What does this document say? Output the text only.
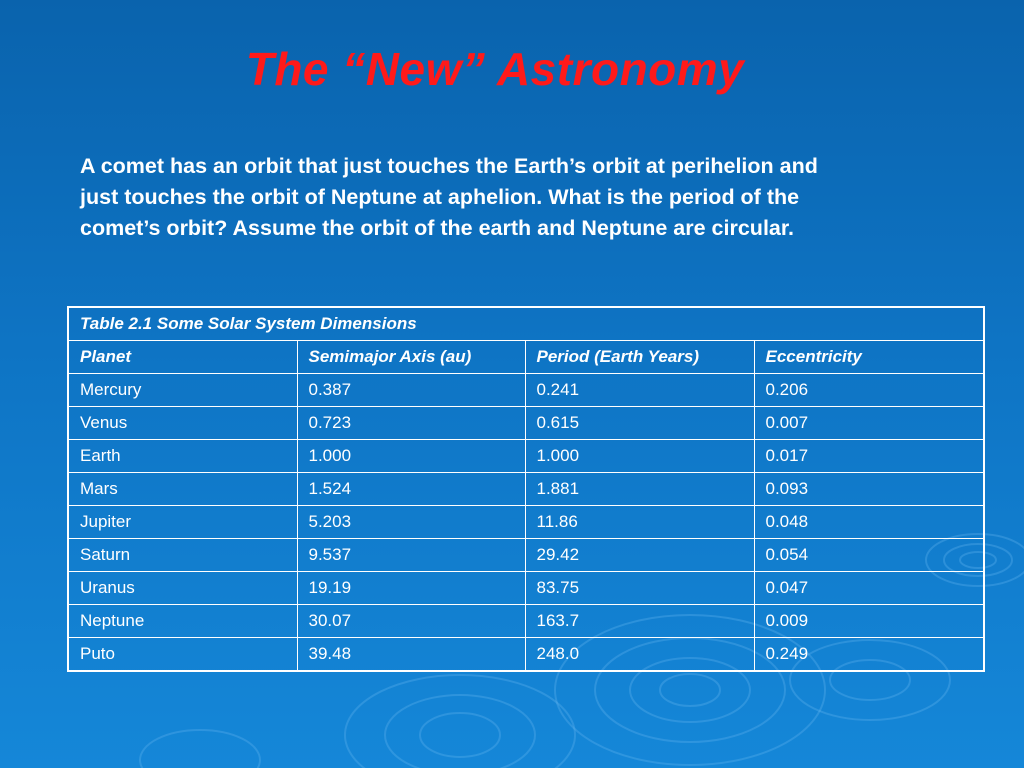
The “New” Astronomy
A comet has an orbit that just touches the Earth’s orbit at perihelion and
just touches the orbit of Neptune at aphelion. What is the period of the
comet’s orbit? Assume the orbit of the earth and Neptune are circular.
Table 2.1 Some Solar System Dimensions			
Planet	Semimajor Axis (au)	Period (Earth Years)	Eccentricity
Mercury	0.387	0.241	0.206
Venus	0.723	0.615	0.007
Earth	1.000	1.000	0.017
Mars	1.524	1.881	0.093
Jupiter	5.203	11.86	0.048
Saturn	9.537	29.42	0.054
Uranus	19.19	83.75	0.047
Neptune	30.07	163.7	0.009
Puto	39.48	248.0	0.249
